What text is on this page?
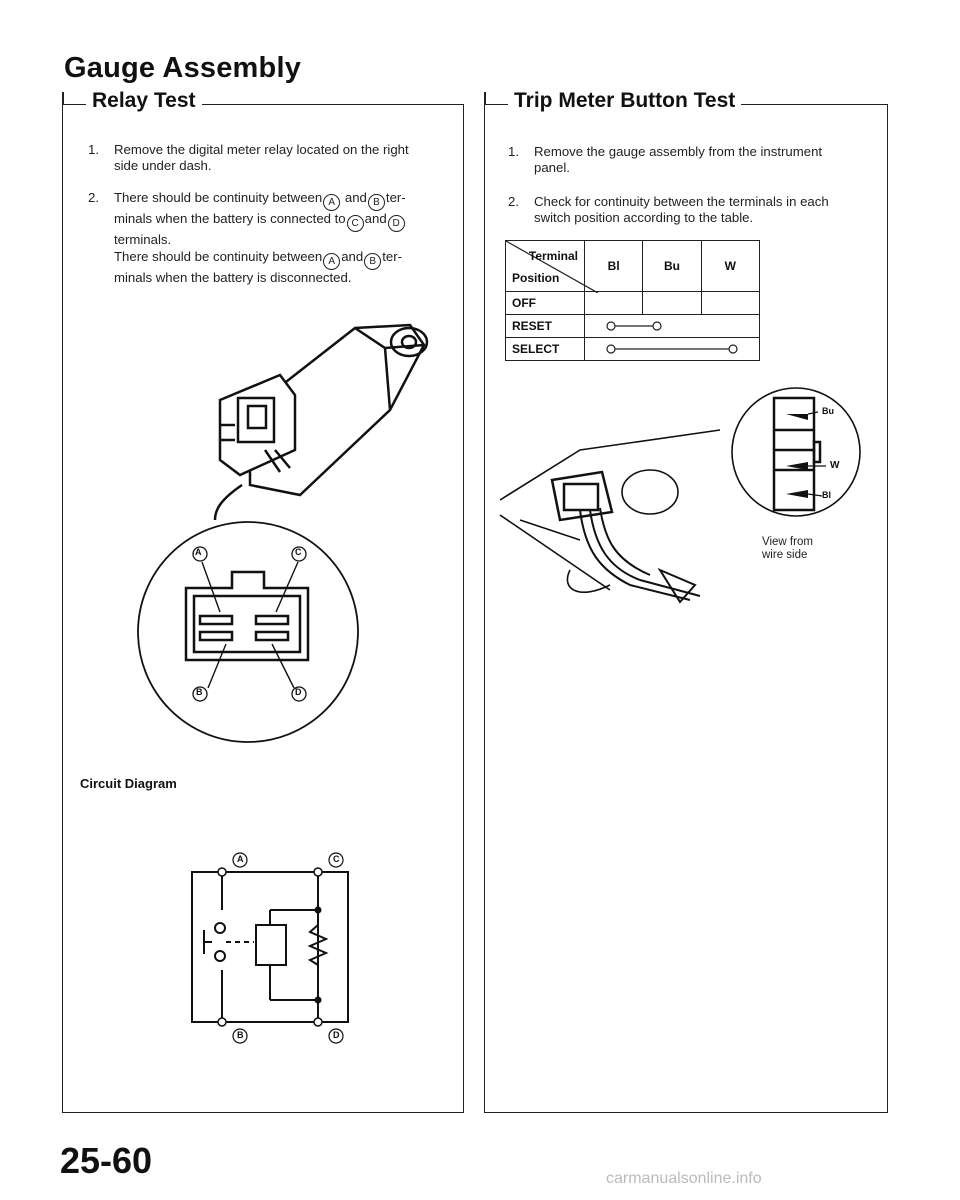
Gauge Assembly
Relay Test
1. Remove the digital meter relay located on the right
side under dash.
2. There should be continuity between A and B ter-
minals when the battery is connected to C and D
terminals.
There should be continuity between A and B ter-
minals when the battery is disconnected.
A	C
B	D
Circuit Diagram
A	C
B	D
Trip Meter Button Test
1. Remove the gauge assembly from the instrument
panel.
2. Check for continuity between the terminals in each
switch position according to the table.
Terminal
Position	Bl	Bu	W
OFF			
RESET	

SELECT	
Bu
W
Bl
View from
wire side
25-60	carmanualsonline.info
